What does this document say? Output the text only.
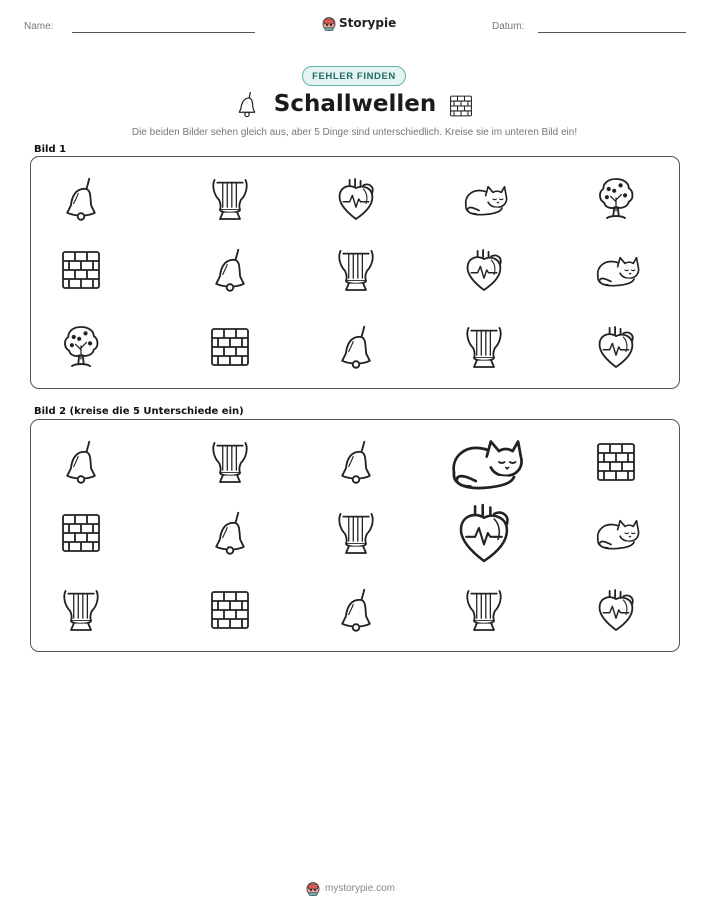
Name:	Storypie	Datum:
FEHLER FINDEN
Schallwellen
Die beiden Bilder sehen gleich aus, aber 5 Dinge sind unterschiedlich. Kreise sie im unteren Bild ein!
Bild 1
Bild 2 (kreise die 5 Unterschiede ein)
mystorypie.com
